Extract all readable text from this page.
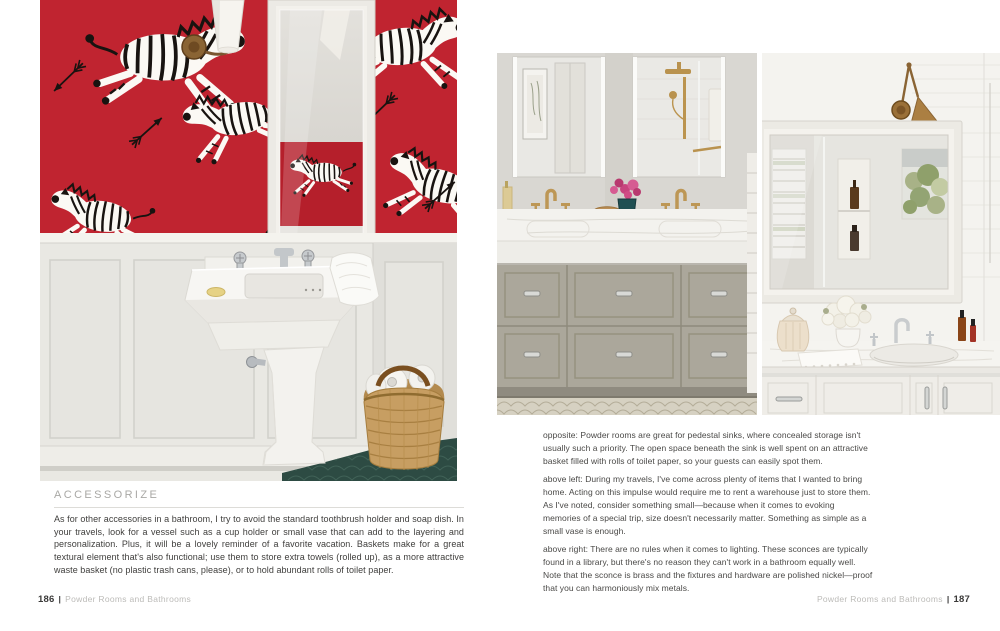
ACCESSORIZE

As for other accessories in a bathroom, I try to avoid the standard toothbrush holder and soap dish. In your travels, look for a vessel such as a cup holder or small vase that can add to the layering and personalization. Plus, it will be a lovely reminder of a favorite vacation. Baskets make for a great textural element that's also functional; use them to store extra towels (rolled up), as a more attractive waste basket (no plastic trash cans, please), or to hold abundant rolls of toilet paper.

186 | Powder Rooms and Bathrooms

opposite: Powder rooms are great for pedestal sinks, where concealed storage isn't usually such a priority. The open space beneath the sink is well spent on an attractive basket filled with rolls of toilet paper, so your guests can easily spot them.

above left: During my travels, I've come across plenty of items that I wanted to bring home. Acting on this impulse would require me to rent a warehouse just to store them. As I've noted, consider something small—because when it comes to evoking memories of a special trip, size doesn't necessarily matter. Something as simple as a small vase is enough.

above right: There are no rules when it comes to lighting. These sconces are typically found in a library, but there's no reason they can't work in a bathroom equally well. Note that the sconce is brass and the fixtures and hardware are polished nickel—proof that you can harmoniously mix metals.

Powder Rooms and Bathrooms | 187
